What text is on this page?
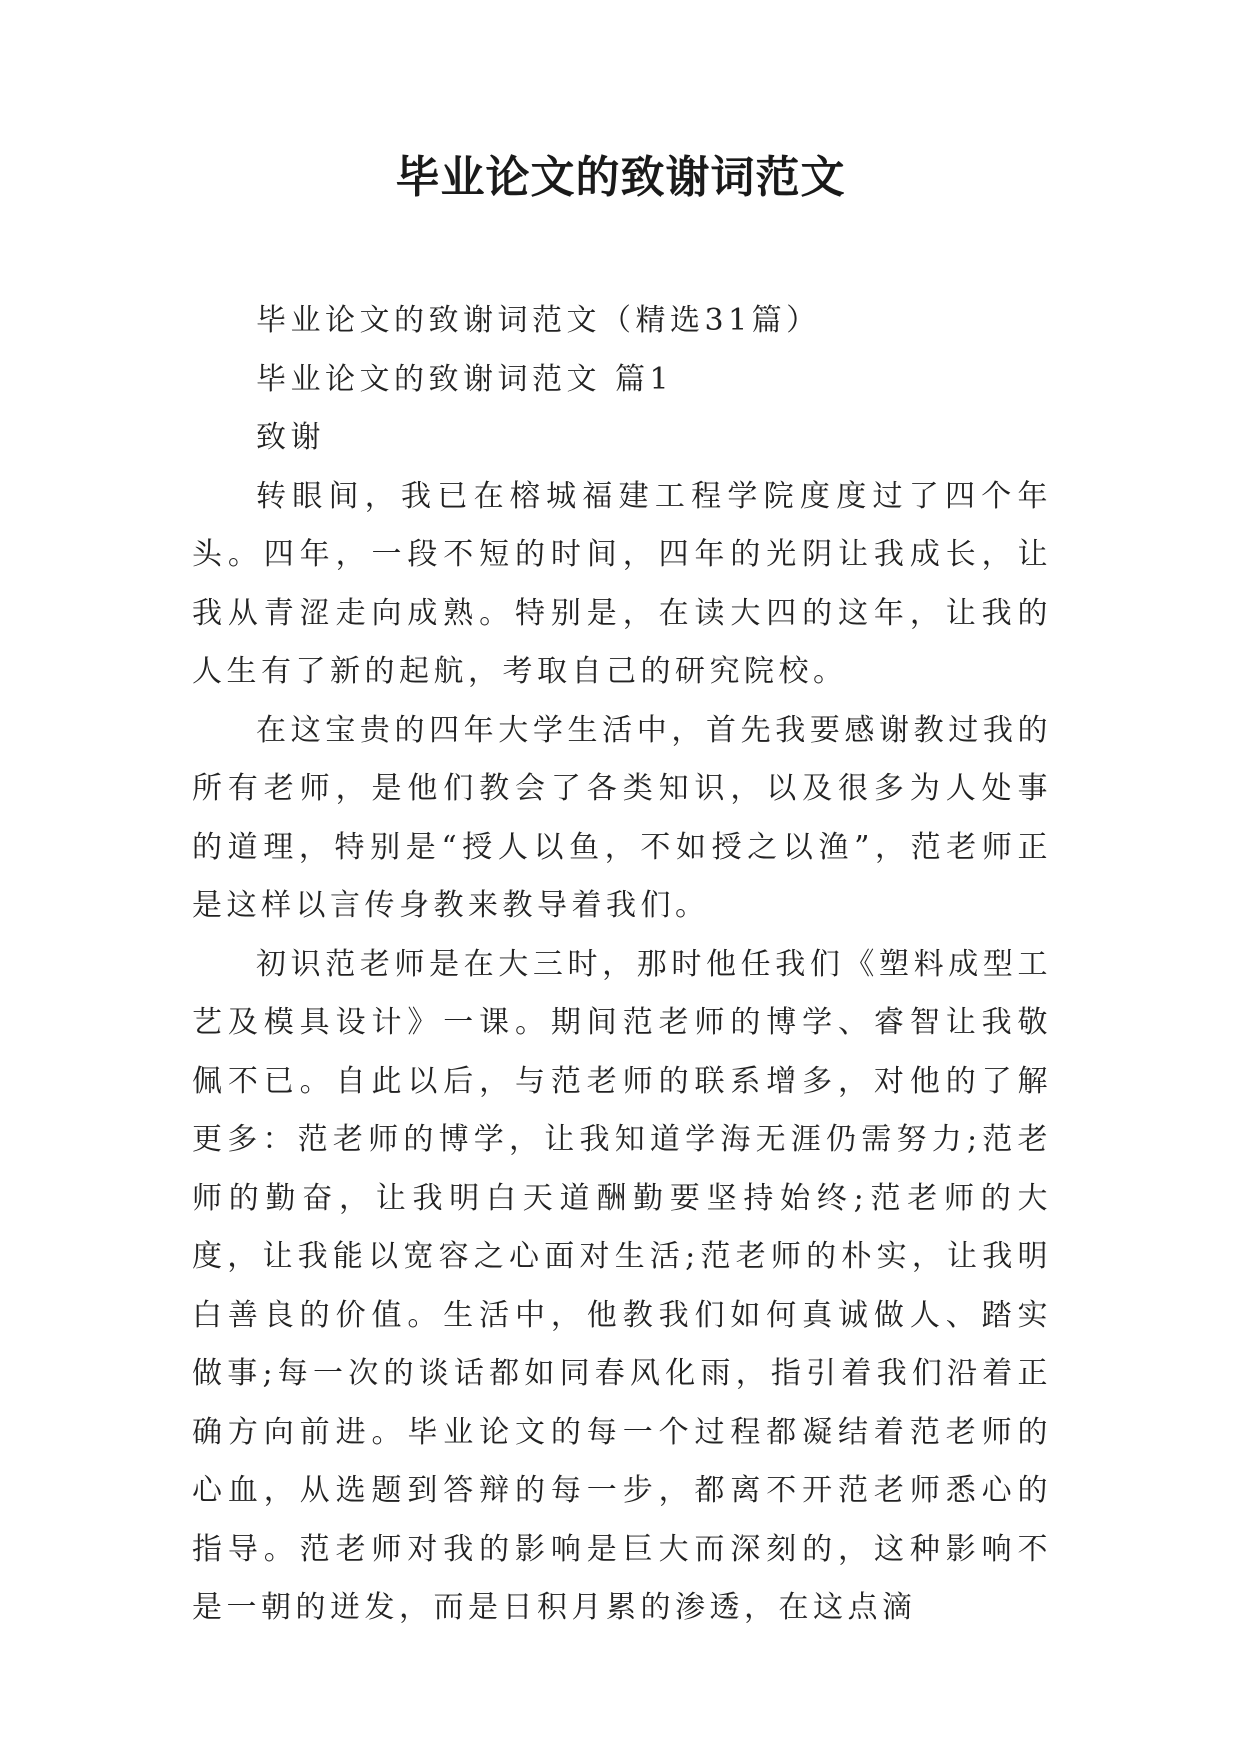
毕业论文的致谢词范文

毕业论文的致谢词范文（精选31篇）

毕业论文的致谢词范文 篇1

致谢

转眼间，我已在榕城福建工程学院度度过了四个年头。四年，一段不短的时间，四年的光阴让我成长，让我从青涩走向成熟。特别是，在读大四的这年，让我的人生有了新的起航，考取自己的研究院校。

在这宝贵的四年大学生活中，首先我要感谢教过我的所有老师，是他们教会了各类知识，以及很多为人处事的道理，特别是“授人以鱼，不如授之以渔”，范老师正是这样以言传身教来教导着我们。

初识范老师是在大三时，那时他任我们《塑料成型工艺及模具设计》一课。期间范老师的博学、睿智让我敬佩不已。自此以后，与范老师的联系增多，对他的了解更多：范老师的博学，让我知道学海无涯仍需努力;范老师的勤奋，让我明白天道酬勤要坚持始终;范老师的大度，让我能以宽容之心面对生活;范老师的朴实，让我明白善良的价值。生活中，他教我们如何真诚做人、踏实做事;每一次的谈话都如同春风化雨，指引着我们沿着正确方向前进。毕业论文的每一个过程都凝结着范老师的心血，从选题到答辩的每一步，都离不开范老师悉心的指导。范老师对我的影响是巨大而深刻的，这种影响不是一朝的迸发，而是日积月累的渗透，在这点滴
